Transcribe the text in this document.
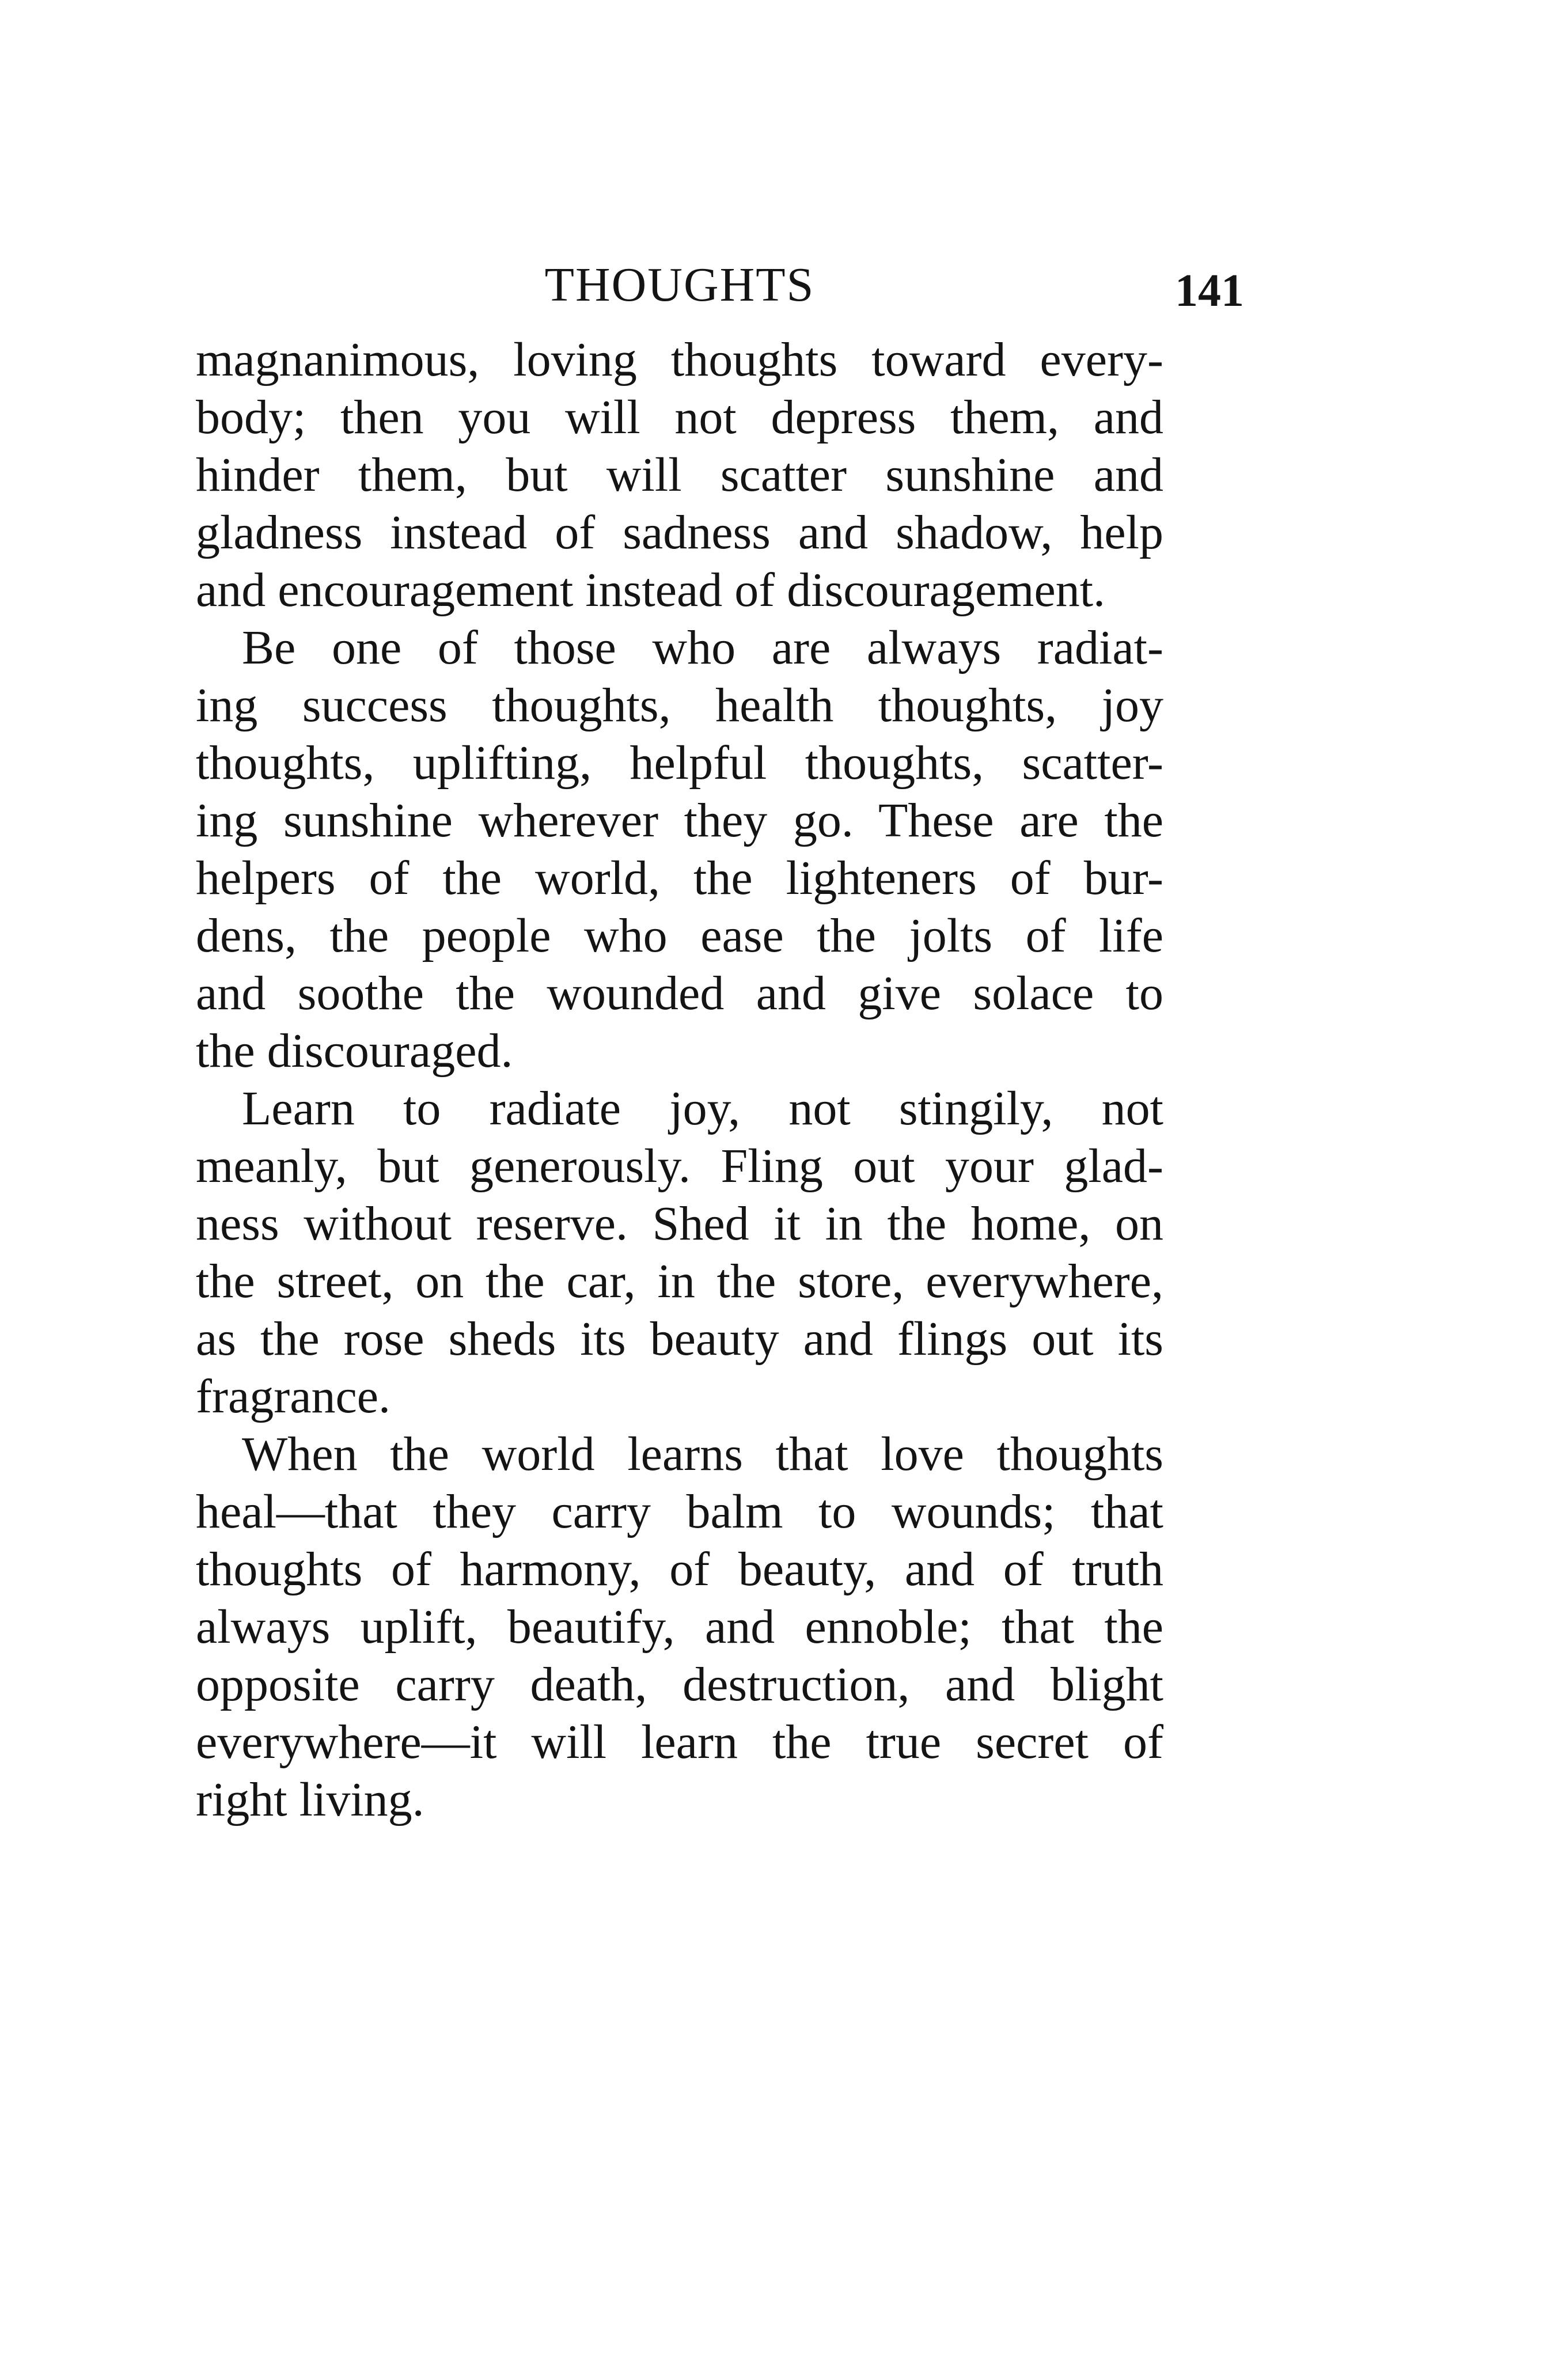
THOUGHTS	141
magnanimous, loving thoughts toward every-
body; then you will not depress them, and
hinder them, but will scatter sunshine and
gladness instead of sadness and shadow, help
and encouragement instead of discouragement.
Be one of those who are always radiat-
ing success thoughts, health thoughts, joy
thoughts, uplifting, helpful thoughts, scatter-
ing sunshine wherever they go. These are the
helpers of the world, the lighteners of bur-
dens, the people who ease the jolts of life
and soothe the wounded and give solace to
the discouraged.
Learn to radiate joy, not stingily, not
meanly, but generously. Fling out your glad-
ness without reserve. Shed it in the home, on
the street, on the car, in the store, everywhere,
as the rose sheds its beauty and flings out its
fragrance.
When the world learns that love thoughts
heal—that they carry balm to wounds; that
thoughts of harmony, of beauty, and of truth
always uplift, beautify, and ennoble; that the
opposite carry death, destruction, and blight
everywhere—it will learn the true secret of
right living.
